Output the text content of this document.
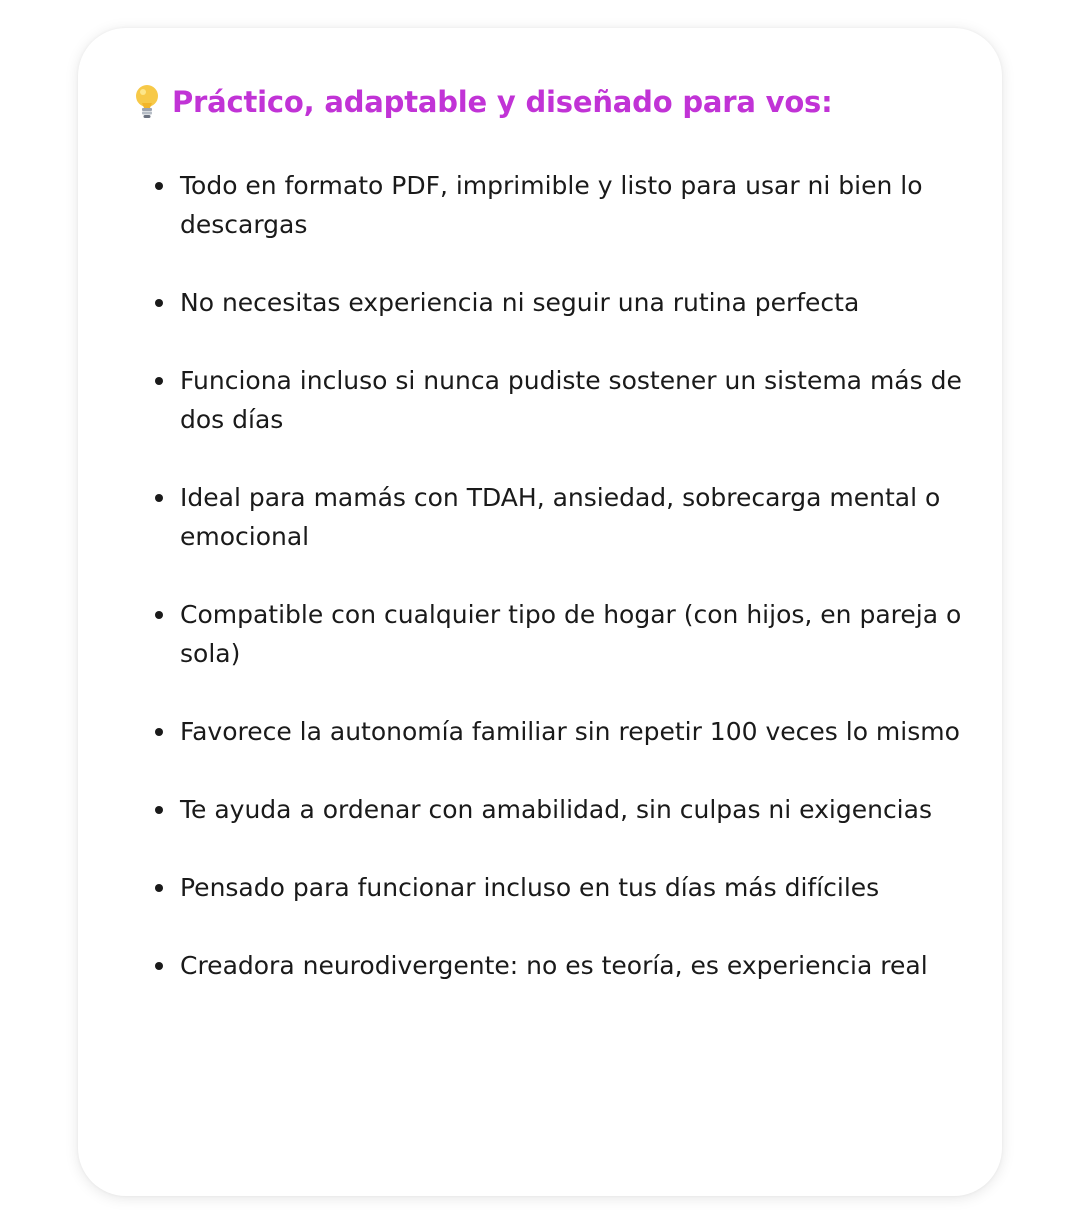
Práctico, adaptable y diseñado para vos:
Todo en formato PDF, imprimible y listo para usar ni bien lo descargas
No necesitas experiencia ni seguir una rutina perfecta
Funciona incluso si nunca pudiste sostener un sistema más de dos días
Ideal para mamás con TDAH, ansiedad, sobrecarga mental o emocional
Compatible con cualquier tipo de hogar (con hijos, en pareja o sola)
Favorece la autonomía familiar sin repetir 100 veces lo mismo
Te ayuda a ordenar con amabilidad, sin culpas ni exigencias
Pensado para funcionar incluso en tus días más difíciles
Creadora neurodivergente: no es teoría, es experiencia real
